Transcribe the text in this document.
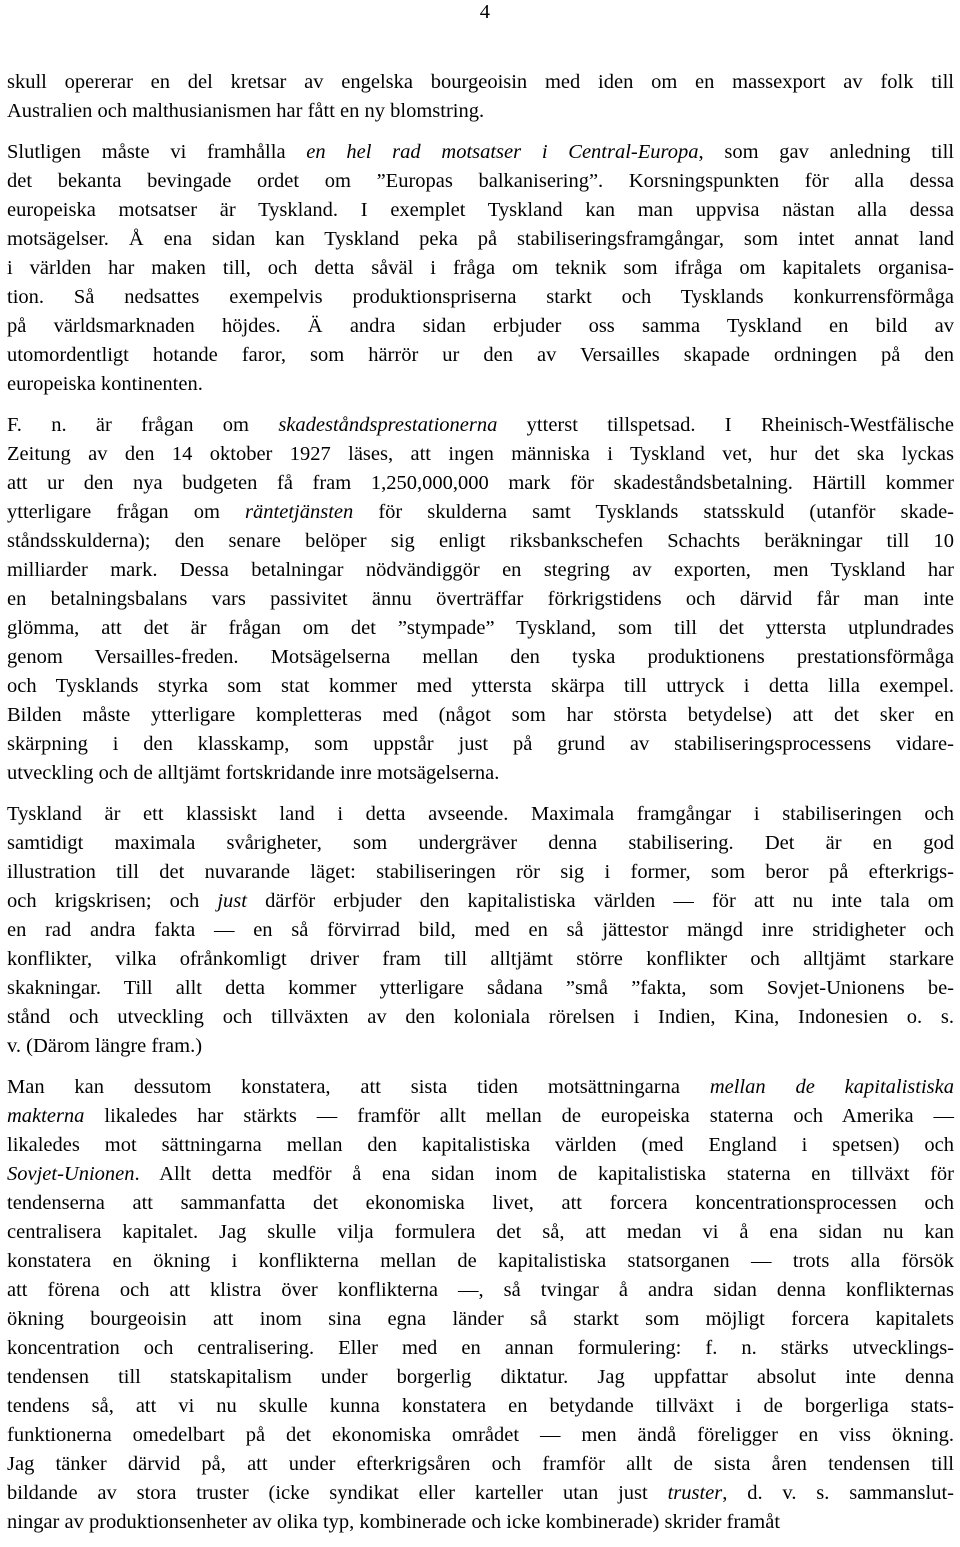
4
skull opererar en del kretsar av engelska bourgeoisin med iden om en massexport av folk till
Australien och malthusianismen har fått en ny blomstring.
Slutligen måste vi framhålla en hel rad motsatser i Central-Europa, som gav anledning till
det bekanta bevingade ordet om ”Europas balkanisering”. Korsningspunkten för alla dessa
europeiska motsatser är Tyskland. I exemplet Tyskland kan man uppvisa nästan alla dessa
motsägelser. Å ena sidan kan Tyskland peka på stabiliseringsframgångar, som intet annat land
i världen har maken till, och detta såväl i fråga om teknik som ifråga om kapitalets organisa-
tion. Så nedsattes exempelvis produktionspriserna starkt och Tysklands konkurrensförmåga
på världsmarknaden höjdes. Ä andra sidan erbjuder oss samma Tyskland en bild av
utomordentligt hotande faror, som härrör ur den av Versailles skapade ordningen på den
europeiska kontinenten.
F. n. är frågan om skadeståndsprestationerna ytterst tillspetsad. I Rheinisch-Westfälische
Zeitung av den 14 oktober 1927 läses, att ingen människa i Tyskland vet, hur det ska lyckas
att ur den nya budgeten få fram 1,250,000,000 mark för skadeståndsbetalning. Härtill kommer
ytterligare frågan om räntetjänsten för skulderna samt Tysklands statsskuld (utanför skade-
ståndsskulderna); den senare belöper sig enligt riksbankschefen Schachts beräkningar till 10
milliarder mark. Dessa betalningar nödvändiggör en stegring av exporten, men Tyskland har
en betalningsbalans vars passivitet ännu överträffar förkrigstidens och därvid får man inte
glömma, att det är frågan om det ”stympade” Tyskland, som till det yttersta utplundrades
genom Versailles-freden. Motsägelserna mellan den tyska produktionens prestationsförmåga
och Tysklands styrka som stat kommer med yttersta skärpa till uttryck i detta lilla exempel.
Bilden måste ytterligare kompletteras med (något som har största betydelse) att det sker en
skärpning i den klasskamp, som uppstår just på grund av stabiliseringsprocessens vidare-
utveckling och de alltjämt fortskridande inre motsägelserna.
Tyskland är ett klassiskt land i detta avseende. Maximala framgångar i stabiliseringen och
samtidigt maximala svårigheter, som undergräver denna stabilisering. Det är en god
illustration till det nuvarande läget: stabiliseringen rör sig i former, som beror på efterkrigs-
och krigskrisen; och just därför erbjuder den kapitalistiska världen — för att nu inte tala om
en rad andra fakta — en så förvirrad bild, med en så jättestor mängd inre stridigheter och
konflikter, vilka ofrånkomligt driver fram till alltjämt större konflikter och alltjämt starkare
skakningar. Till allt detta kommer ytterligare sådana ”små ”fakta, som Sovjet-Unionens be-
stånd och utveckling och tillväxten av den koloniala rörelsen i Indien, Kina, Indonesien o. s.
v. (Därom längre fram.)
Man kan dessutom konstatera, att sista tiden motsättningarna mellan de kapitalistiska
makterna likaledes har stärkts — framför allt mellan de europeiska staterna och Amerika —
likaledes mot sättningarna mellan den kapitalistiska världen (med England i spetsen) och
Sovjet-Unionen. Allt detta medför å ena sidan inom de kapitalistiska staterna en tillväxt för
tendenserna att sammanfatta det ekonomiska livet, att forcera koncentrationsprocessen och
centralisera kapitalet. Jag skulle vilja formulera det så, att medan vi å ena sidan nu kan
konstatera en ökning i konflikterna mellan de kapitalistiska statsorganen — trots alla försök
att förena och att klistra över konflikterna —, så tvingar å andra sidan denna konflikternas
ökning bourgeoisin att inom sina egna länder så starkt som möjligt forcera kapitalets
koncentration och centralisering. Eller med en annan formulering: f. n. stärks utvecklings-
tendensen till statskapitalism under borgerlig diktatur. Jag uppfattar absolut inte denna
tendens så, att vi nu skulle kunna konstatera en betydande tillväxt i de borgerliga stats-
funktionerna omedelbart på det ekonomiska området — men ändå föreligger en viss ökning.
Jag tänker därvid på, att under efterkrigsåren och framför allt de sista åren tendensen till
bildande av stora truster (icke syndikat eller karteller utan just truster, d. v. s. sammanslut-
ningar av produktionsenheter av olika typ, kombinerade och icke kombinerade) skrider framåt
